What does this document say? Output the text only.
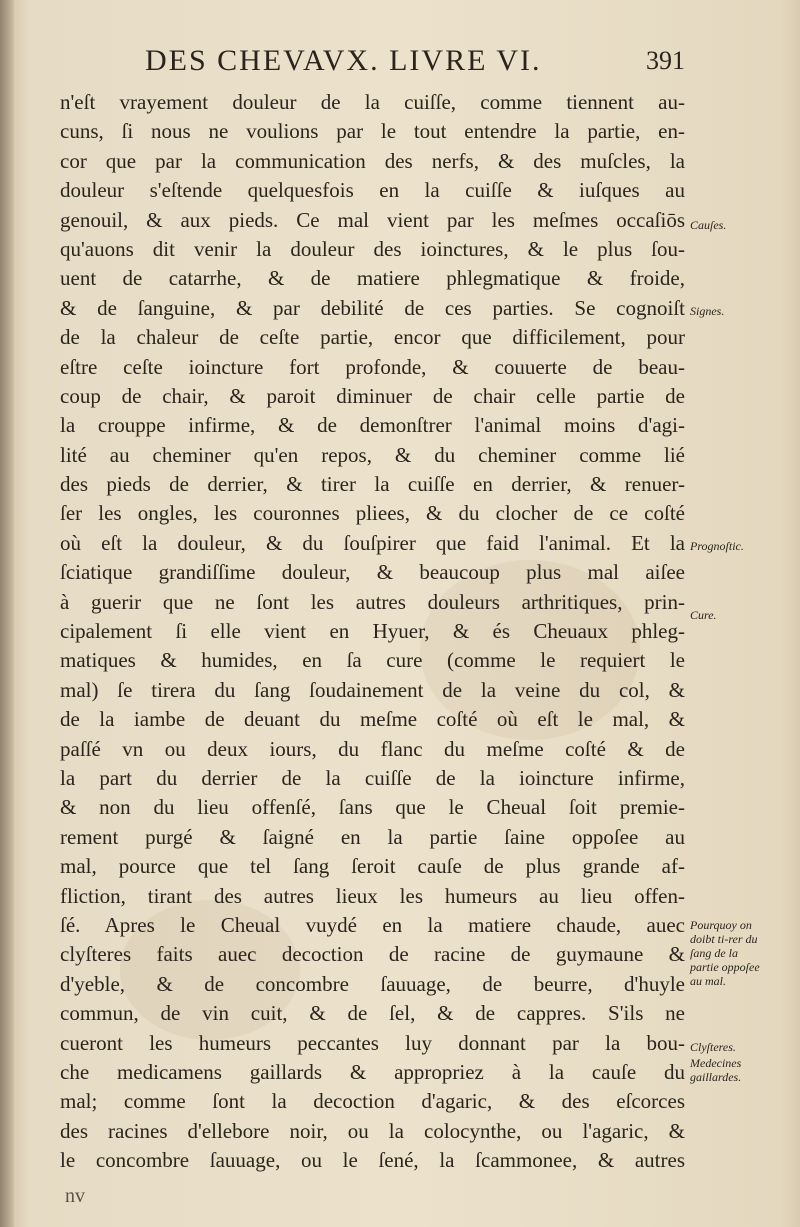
DES CHEVAVX. LIVRE VI.	391
n'eſt vrayement douleur de la cuiſſe, comme tiennent au-
cuns, ſi nous ne voulions par le tout entendre la partie, en-
cor que par la communication des nerfs, & des muſcles, la
douleur s'eſtende quelquesfois en la cuiſſe & iuſques au
genouil, & aux pieds. Ce mal vient par les meſmes occaſiōs
qu'auons dit venir la douleur des ioinctures, & le plus ſou-
uent de catarrhe, & de matiere phlegmatique & froide,
& de ſanguine, & par debilité de ces parties. Se cognoiſt
de la chaleur de ceſte partie, encor que difficilement, pour
eſtre ceſte ioincture fort profonde, & couuerte de beau-
coup de chair, & paroit diminuer de chair celle partie de
la crouppe infirme, & de demonſtrer l'animal moins d'agi-
lité au cheminer qu'en repos, & du cheminer comme lié
des pieds de derrier, & tirer la cuiſſe en derrier, & renuer-
ſer les ongles, les couronnes pliees, & du clocher de ce coſté
où eſt la douleur, & du ſouſpirer que faid l'animal. Et la
ſciatique grandiſſime douleur, & beaucoup plus mal aiſee
à guerir que ne ſont les autres douleurs arthritiques, prin-
cipalement ſi elle vient en Hyuer, & és Cheuaux phleg-
matiques & humides, en ſa cure (comme le requiert le
mal) ſe tirera du ſang ſoudainement de la veine du col, &
de la iambe de deuant du meſme coſté où eſt le mal, &
paſſé vn ou deux iours, du flanc du meſme coſté & de
la part du derrier de la cuiſſe de la ioincture infirme,
& non du lieu offenſé, ſans que le Cheual ſoit premie-
rement purgé & ſaigné en la partie ſaine oppoſee au
mal, pource que tel ſang ſeroit cauſe de plus grande af-
fliction, tirant des autres lieux les humeurs au lieu offen-
ſé. Apres le Cheual vuydé en la matiere chaude, auec
clyſteres faits auec decoction de racine de guymaune &
d'yeble, & de concombre ſauuage, de beurre, d'huyle
commun, de vin cuit, & de ſel, & de cappres. S'ils ne
cueront les humeurs peccantes luy donnant par la bou-
che medicamens gaillards & appropriez à la cauſe du
mal; comme ſont la decoction d'agaric, & des eſcorces
des racines d'ellebore noir, ou la colocynthe, ou l'agaric, &
le concombre ſauuage, ou le ſené, la ſcammonee, & autres
Cauſes.
Signes.
Prognoſtic.
Cure.
Pourquoy on doibt ti-rer du ſang de la partie oppoſee au mal.
Clyſteres.
Medecines gaillardes.
nv
